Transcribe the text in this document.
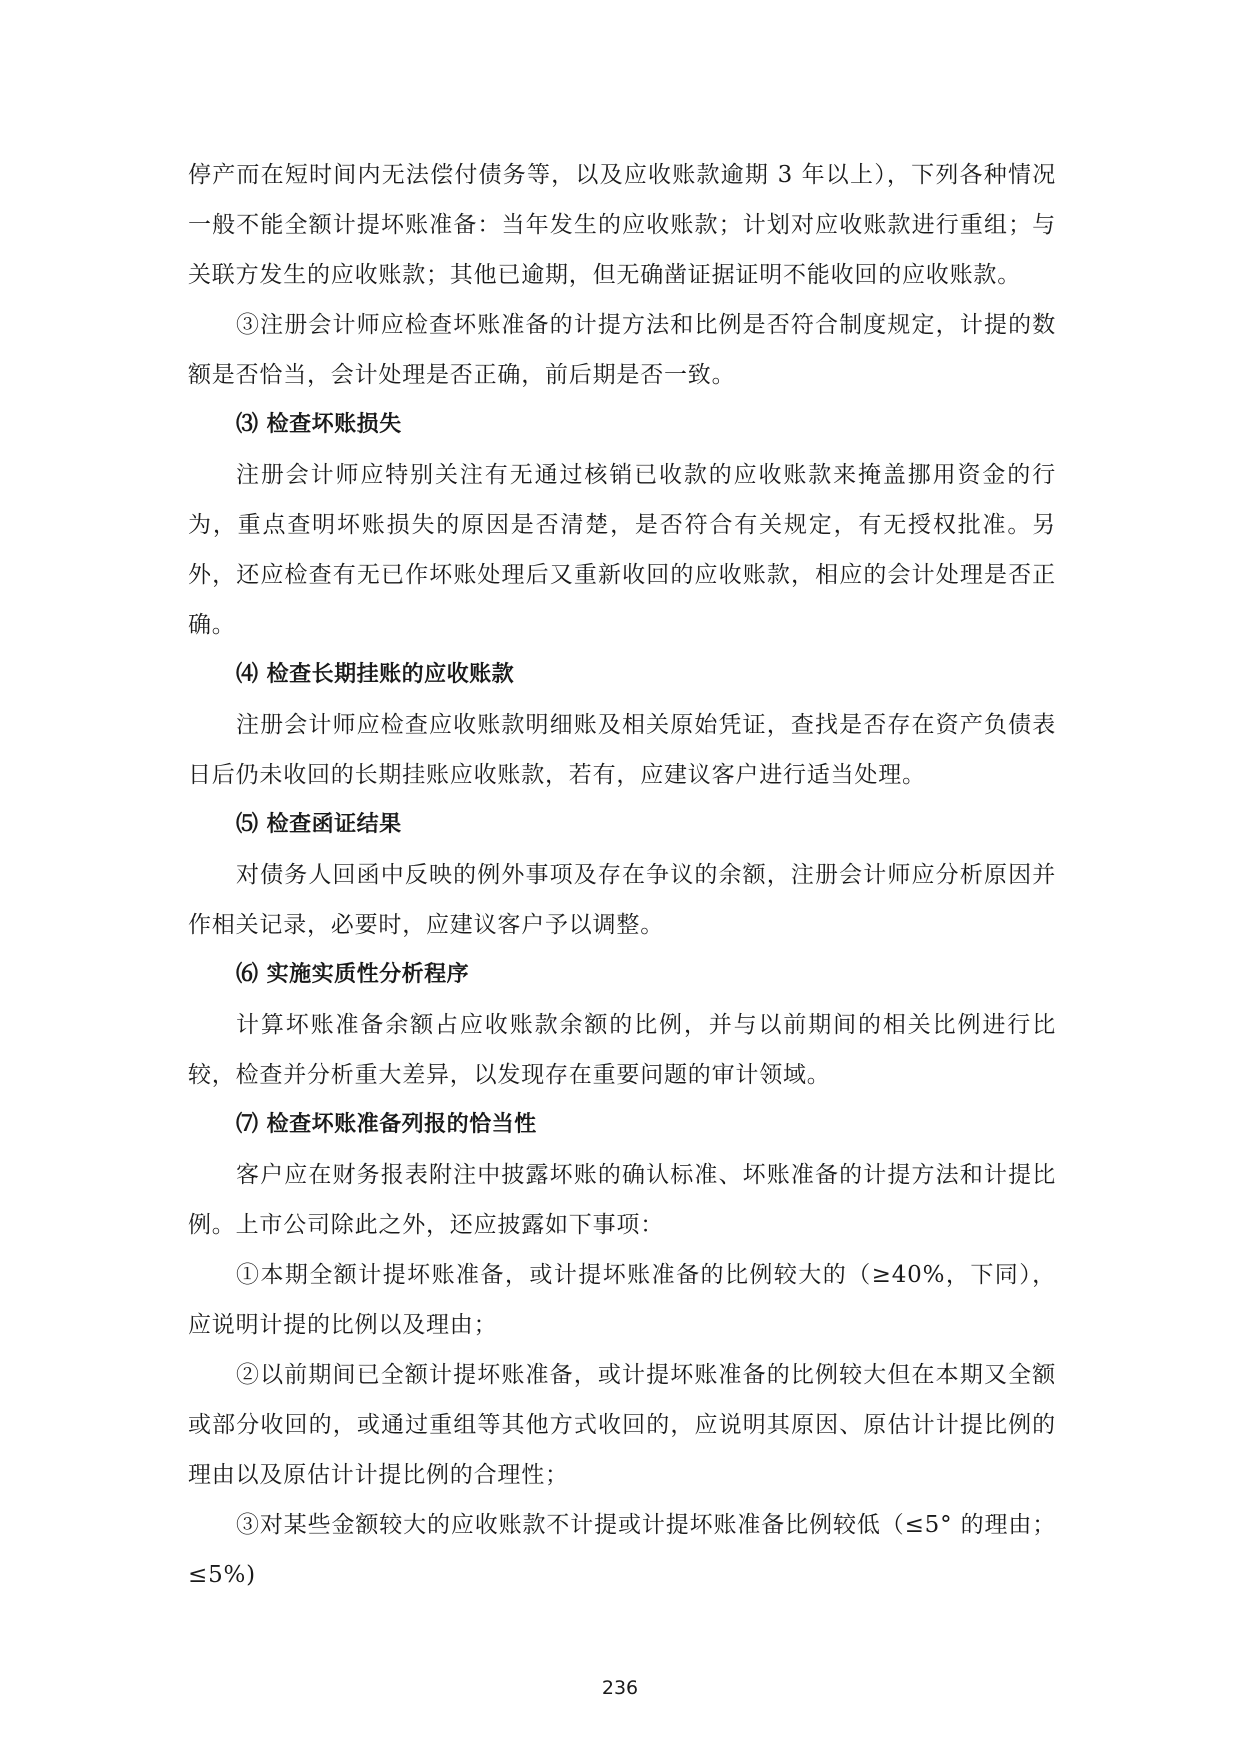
停产而在短时间内无法偿付债务等，以及应收账款逾期 3 年以上），下列各种情况一般不能全额计提坏账准备：当年发生的应收账款；计划对应收账款进行重组；与关联方发生的应收账款；其他已逾期，但无确凿证据证明不能收回的应收账款。

③注册会计师应检查坏账准备的计提方法和比例是否符合制度规定，计提的数额是否恰当，会计处理是否正确，前后期是否一致。

⑶ 检查坏账损失

注册会计师应特别关注有无通过核销已收款的应收账款来掩盖挪用资金的行为，重点查明坏账损失的原因是否清楚，是否符合有关规定，有无授权批准。另外，还应检查有无已作坏账处理后又重新收回的应收账款，相应的会计处理是否正确。

⑷ 检查长期挂账的应收账款

注册会计师应检查应收账款明细账及相关原始凭证，查找是否存在资产负债表日后仍未收回的长期挂账应收账款，若有，应建议客户进行适当处理。

⑸ 检查函证结果

对债务人回函中反映的例外事项及存在争议的余额，注册会计师应分析原因并作相关记录，必要时，应建议客户予以调整。

⑹ 实施实质性分析程序

计算坏账准备余额占应收账款余额的比例，并与以前期间的相关比例进行比较，检查并分析重大差异，以发现存在重要问题的审计领域。

⑺ 检查坏账准备列报的恰当性

客户应在财务报表附注中披露坏账的确认标准、坏账准备的计提方法和计提比例。上市公司除此之外，还应披露如下事项：

①本期全额计提坏账准备，或计提坏账准备的比例较大的（≥40%，下同），应说明计提的比例以及理由；

②以前期间已全额计提坏账准备，或计提坏账准备的比例较大但在本期又全额或部分收回的，或通过重组等其他方式收回的，应说明其原因、原估计计提比例的理由以及原估计计提比例的合理性；

③对某些金额较大的应收账款不计提或计提坏账准备比例较低（≤5° 的理由；≤5%)

236
